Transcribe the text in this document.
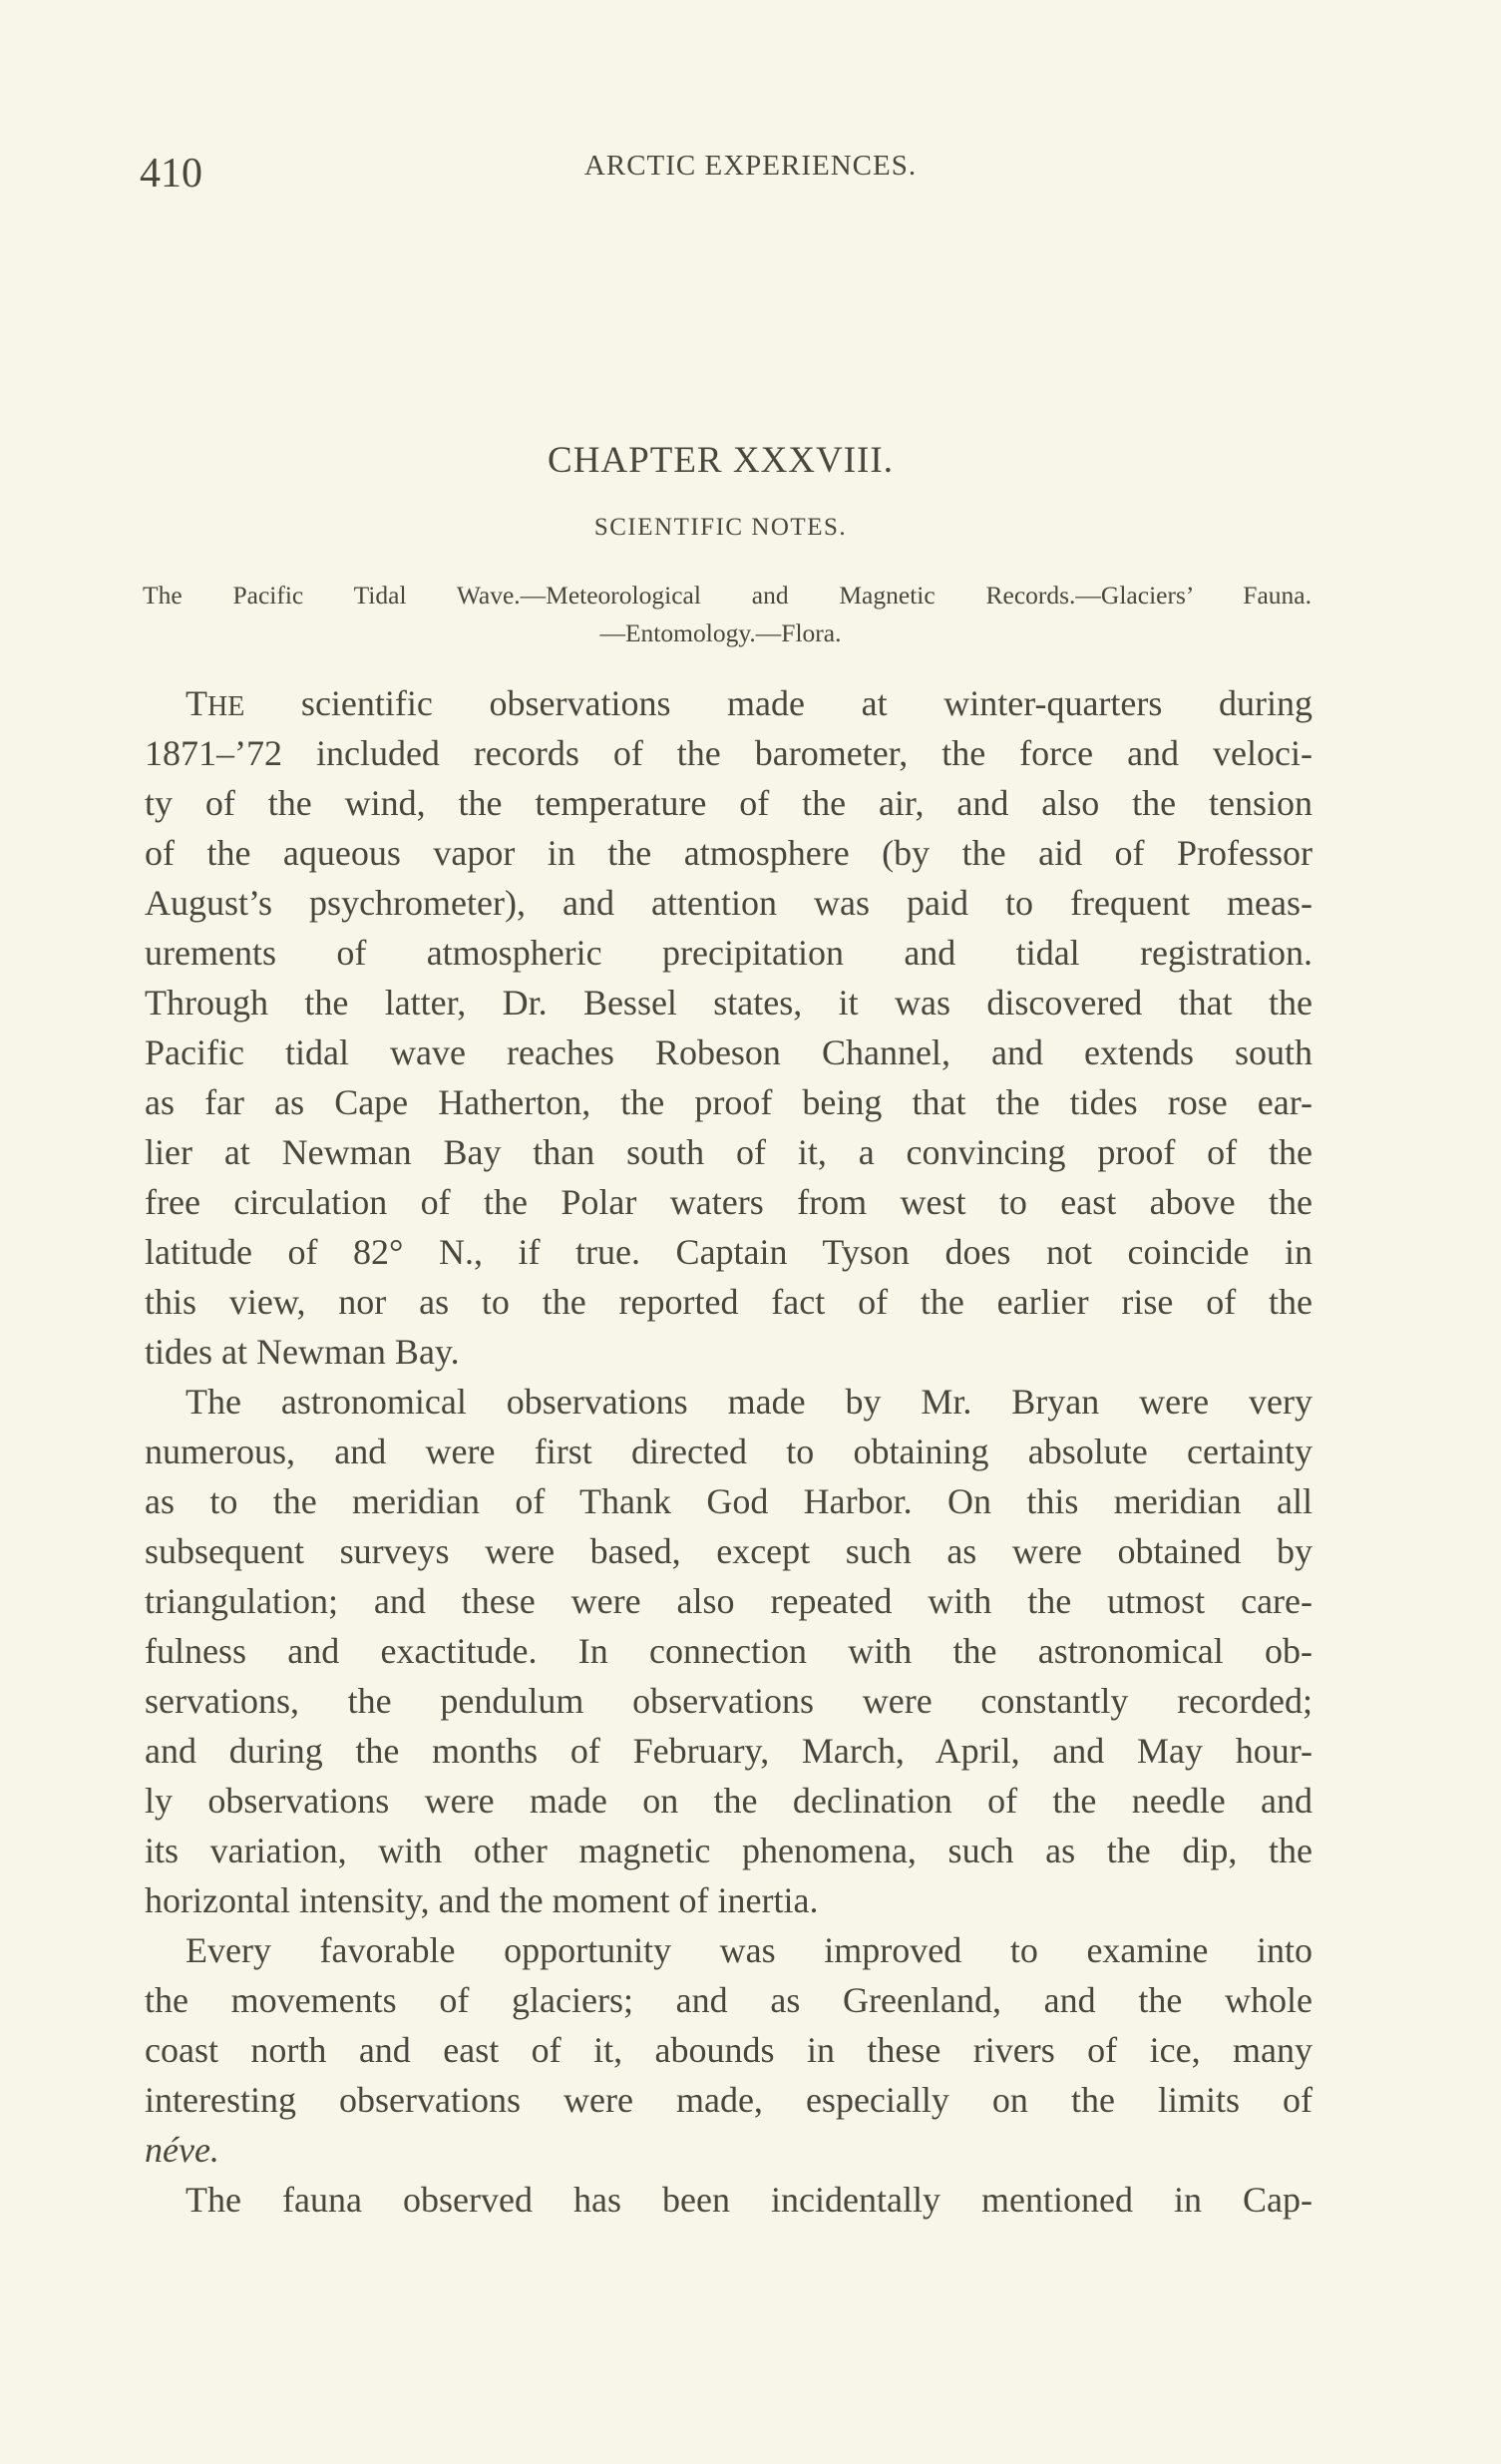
410	ARCTIC EXPERIENCES.
CHAPTER XXXVIII.
SCIENTIFIC NOTES.
The Pacific Tidal Wave.—Meteorological and Magnetic Records.—Glaciers’ Fauna.
—Entomology.—Flora.
THE scientific observations made at winter-quarters during
1871–’72 included records of the barometer, the force and veloci-
ty of the wind, the temperature of the air, and also the tension
of the aqueous vapor in the atmosphere (by the aid of Professor
August’s psychrometer), and attention was paid to frequent meas-
urements of atmospheric precipitation and tidal registration.
Through the latter, Dr. Bessel states, it was discovered that the
Pacific tidal wave reaches Robeson Channel, and extends south
as far as Cape Hatherton, the proof being that the tides rose ear-
lier at Newman Bay than south of it, a convincing proof of the
free circulation of the Polar waters from west to east above the
latitude of 82° N., if true. Captain Tyson does not coincide in
this view, nor as to the reported fact of the earlier rise of the
tides at Newman Bay.
The astronomical observations made by Mr. Bryan were very
numerous, and were first directed to obtaining absolute certainty
as to the meridian of Thank God Harbor. On this meridian all
subsequent surveys were based, except such as were obtained by
triangulation; and these were also repeated with the utmost care-
fulness and exactitude. In connection with the astronomical ob-
servations, the pendulum observations were constantly recorded;
and during the months of February, March, April, and May hour-
ly observations were made on the declination of the needle and
its variation, with other magnetic phenomena, such as the dip, the
horizontal intensity, and the moment of inertia.
Every favorable opportunity was improved to examine into
the movements of glaciers; and as Greenland, and the whole
coast north and east of it, abounds in these rivers of ice, many
interesting observations were made, especially on the limits of
néve.
The fauna observed has been incidentally mentioned in Cap-
